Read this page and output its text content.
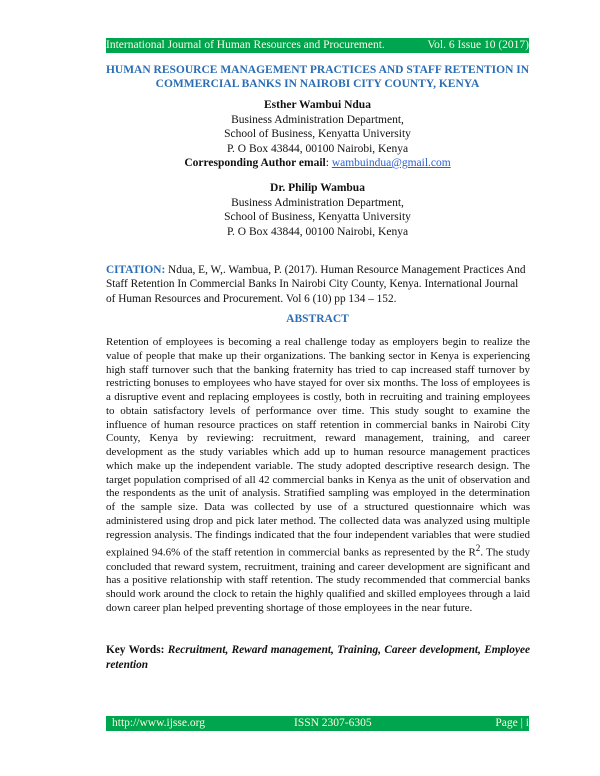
International Journal of Human Resources and Procurement.	Vol. 6 Issue 10 (2017)
HUMAN RESOURCE MANAGEMENT PRACTICES AND STAFF RETENTION IN COMMERCIAL BANKS IN NAIROBI CITY COUNTY, KENYA
Esther Wambui Ndua
Business Administration Department,
School of Business, Kenyatta University
P. O Box 43844, 00100 Nairobi, Kenya
Corresponding Author email: wambuindua@gmail.com
Dr. Philip Wambua
Business Administration Department,
School of Business, Kenyatta University
P. O Box 43844, 00100 Nairobi, Kenya

CITATION: Ndua, E, W,. Wambua, P. (2017). Human Resource Management Practices And Staff Retention In Commercial Banks In Nairobi City County, Kenya. International Journal of Human Resources and Procurement. Vol 6 (10) pp 134 – 152.

ABSTRACT

Retention of employees is becoming a real challenge today as employers begin to realize the value of people that make up their organizations. The banking sector in Kenya is experiencing high staff turnover such that the banking fraternity has tried to cap increased staff turnover by restricting bonuses to employees who have stayed for over six months. The loss of employees is a disruptive event and replacing employees is costly, both in recruiting and training employees to obtain satisfactory levels of performance over time. This study sought to examine the influence of human resource practices on staff retention in commercial banks in Nairobi City County, Kenya by reviewing: recruitment, reward management, training, and career development as the study variables which add up to human resource management practices which make up the independent variable. The study adopted descriptive research design. The target population comprised of all 42 commercial banks in Kenya as the unit of observation and the respondents as the unit of analysis. Stratified sampling was employed in the determination of the sample size. Data was collected by use of a structured questionnaire which was administered using drop and pick later method. The collected data was analyzed using multiple regression analysis. The findings indicated that the four independent variables that were studied explained 94.6% of the staff retention in commercial banks as represented by the $R^2$. The study concluded that reward system, recruitment, training and career development are significant and has a positive relationship with staff retention. The study recommended that commercial banks should work around the clock to retain the highly qualified and skilled employees through a laid down career plan helped preventing shortage of those employees in the near future.

Key Words: Recruitment, Reward management, Training, Career development, Employee retention

http://www.ijsse.org	ISSN 2307-6305	Page | i
